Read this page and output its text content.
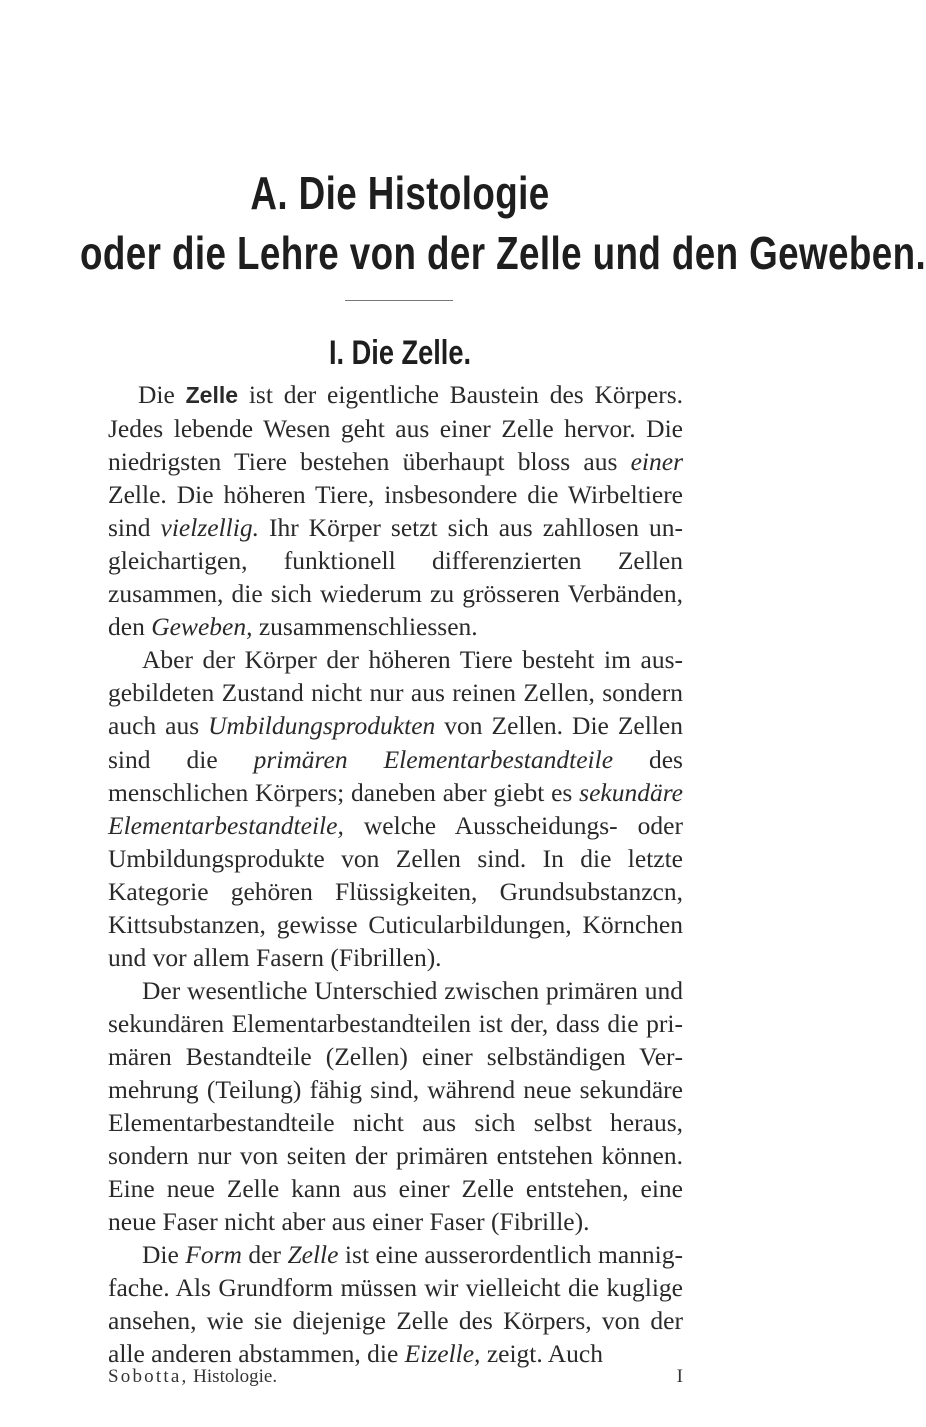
A. Die Histologie
oder die Lehre von der Zelle und den Geweben.
I. Die Zelle.

Die Zelle ist der eigentliche Baustein des Körpers. Jedes lebende Wesen geht aus einer Zelle hervor. Die niedrigsten Tiere bestehen überhaupt bloss aus einer Zelle. Die höheren Tiere, insbesondere die Wirbeltiere sind vielzellig. Ihr Körper setzt sich aus zahllosen ungleichartigen, funktionell differenzierten Zellen zusammen, die sich wiederum zu grösseren Verbänden, den Geweben, zusammenschliessen.

Aber der Körper der höheren Tiere besteht im ausgebildeten Zustand nicht nur aus reinen Zellen, sondern auch aus Umbildungsprodukten von Zellen. Die Zellen sind die primären Elementarbestandteile des menschlichen Körpers; daneben aber giebt es sekundäre Elementarbestandteile, welche Ausscheidungs- oder Umbildungsprodukte von Zellen sind. In die letzte Kategorie gehören Flüssigkeiten, Grundsubstanzcn, Kittsubstanzen, gewisse Cuticularbildungen, Körnchen und vor allem Fasern (Fibrillen).

Der wesentliche Unterschied zwischen primären und sekundären Elementarbestandteilen ist der, dass die primären Bestandteile (Zellen) einer selbständigen Vermehrung (Teilung) fähig sind, während neue sekundäre Elementarbestandteile nicht aus sich selbst heraus, sondern nur von seiten der primären entstehen können. Eine neue Zelle kann aus einer Zelle entstehen, eine neue Faser nicht aber aus einer Faser (Fibrille).

Die Form der Zelle ist eine ausserordentlich mannigfache. Als Grundform müssen wir vielleicht die kuglige ansehen, wie sie diejenige Zelle des Körpers, von der alle anderen abstammen, die Eizelle, zeigt. Auch

Sobotta, Histologie.	I
